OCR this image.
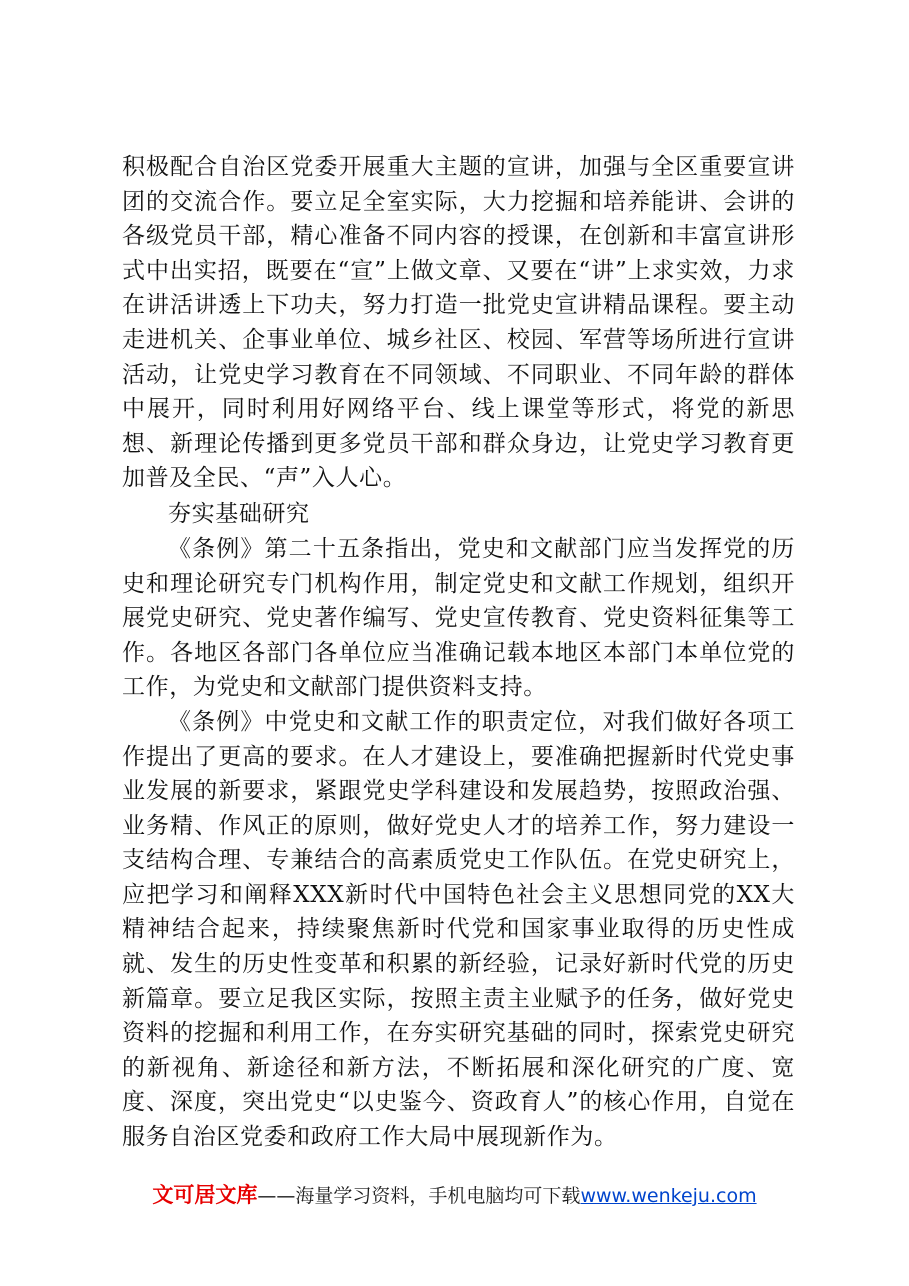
积极配合自治区党委开展重大主题的宣讲，加强与全区重要宣讲团的交流合作。要立足全室实际，大力挖掘和培养能讲、会讲的各级党员干部，精心准备不同内容的授课，在创新和丰富宣讲形式中出实招，既要在“宣”上做文章、又要在“讲”上求实效，力求在讲活讲透上下功夫，努力打造一批党史宣讲精品课程。要主动走进机关、企事业单位、城乡社区、校园、军营等场所进行宣讲活动，让党史学习教育在不同领域、不同职业、不同年龄的群体中展开，同时利用好网络平台、线上课堂等形式，将党的新思想、新理论传播到更多党员干部和群众身边，让党史学习教育更加普及全民、“声”入人心。

夯实基础研究

《条例》第二十五条指出，党史和文献部门应当发挥党的历史和理论研究专门机构作用，制定党史和文献工作规划，组织开展党史研究、党史著作编写、党史宣传教育、党史资料征集等工作。各地区各部门各单位应当准确记载本地区本部门本单位党的工作，为党史和文献部门提供资料支持。

《条例》中党史和文献工作的职责定位，对我们做好各项工作提出了更高的要求。在人才建设上，要准确把握新时代党史事业发展的新要求，紧跟党史学科建设和发展趋势，按照政治强、业务精、作风正的原则，做好党史人才的培养工作，努力建设一支结构合理、专兼结合的高素质党史工作队伍。在党史研究上，应把学习和阐释XXX新时代中国特色社会主义思想同党的XX大精神结合起来，持续聚焦新时代党和国家事业取得的历史性成就、发生的历史性变革和积累的新经验，记录好新时代党的历史新篇章。要立足我区实际，按照主责主业赋予的任务，做好党史资料的挖掘和利用工作，在夯实研究基础的同时，探索党史研究的新视角、新途径和新方法，不断拓展和深化研究的广度、宽度、深度，突出党史“以史鉴今、资政育人”的核心作用，自觉在服务自治区党委和政府工作大局中展现新作为。

文可居文库——海量学习资料，手机电脑均可下载www.wenkeju.com
